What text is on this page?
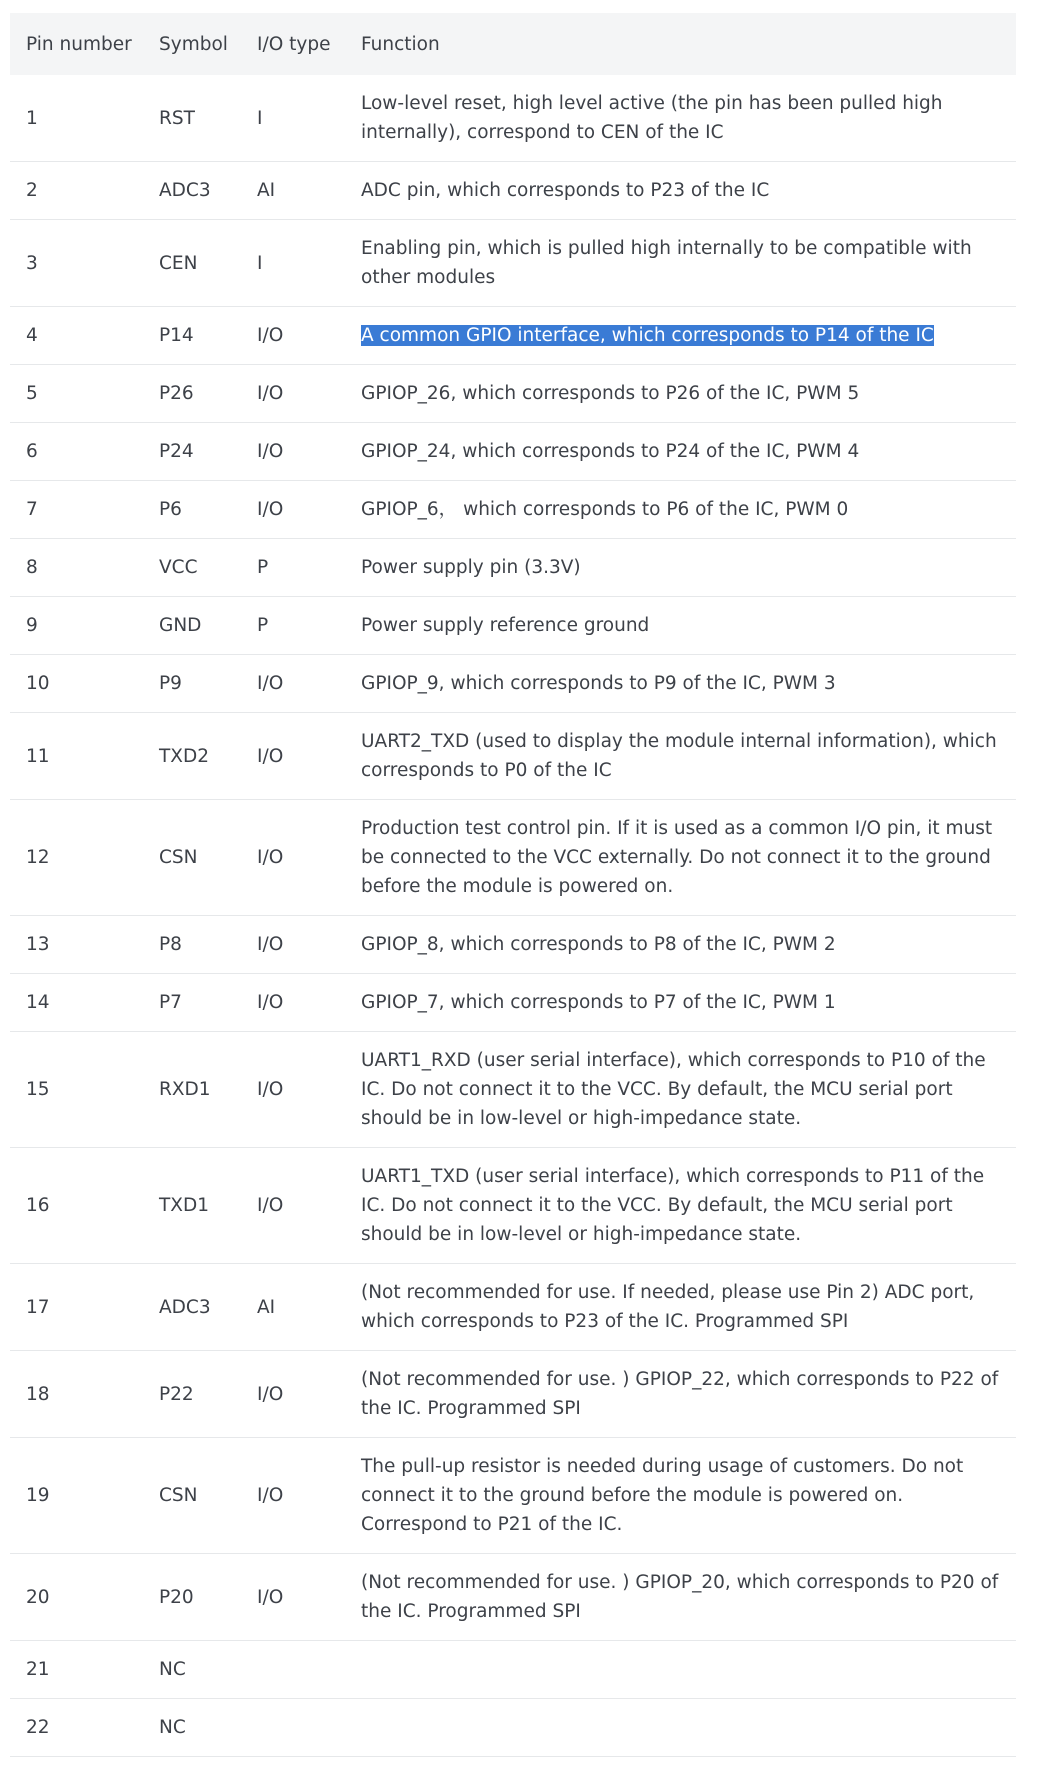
Pin number	Symbol	I/O type	Function
1	RST	I	Low-level reset, high level active (the pin has been pulled high internally), correspond to CEN of the IC
2	ADC3	AI	ADC pin, which corresponds to P23 of the IC
3	CEN	I	Enabling pin, which is pulled high internally to be compatible with other modules
4	P14	I/O	A common GPIO interface, which corresponds to P14 of the IC
5	P26	I/O	GPIOP_26, which corresponds to P26 of the IC, PWM 5
6	P24	I/O	GPIOP_24, which corresponds to P24 of the IC, PWM 4
7	P6	I/O	GPIOP_6， which corresponds to P6 of the IC, PWM 0
8	VCC	P	Power supply pin (3.3V)
9	GND	P	Power supply reference ground
10	P9	I/O	GPIOP_9, which corresponds to P9 of the IC, PWM 3
11	TXD2	I/O	UART2_TXD (used to display the module internal information), which corresponds to P0 of the IC
12	CSN	I/O	Production test control pin. If it is used as a common I/O pin, it must be connected to the VCC externally. Do not connect it to the ground before the module is powered on.
13	P8	I/O	GPIOP_8, which corresponds to P8 of the IC, PWM 2
14	P7	I/O	GPIOP_7, which corresponds to P7 of the IC, PWM 1
15	RXD1	I/O	UART1_RXD (user serial interface), which corresponds to P10 of the IC. Do not connect it to the VCC. By default, the MCU serial port should be in low-level or high-impedance state.
16	TXD1	I/O	UART1_TXD (user serial interface), which corresponds to P11 of the IC. Do not connect it to the VCC. By default, the MCU serial port should be in low-level or high-impedance state.
17	ADC3	AI	(Not recommended for use. If needed, please use Pin 2) ADC port, which corresponds to P23 of the IC. Programmed SPI
18	P22	I/O	(Not recommended for use. ) GPIOP_22, which corresponds to P22 of the IC. Programmed SPI
19	CSN	I/O	The pull-up resistor is needed during usage of customers. Do not connect it to the ground before the module is powered on. Correspond to P21 of the IC.
20	P20	I/O	(Not recommended for use. ) GPIOP_20, which corresponds to P20 of the IC. Programmed SPI
21	NC		
22	NC		
